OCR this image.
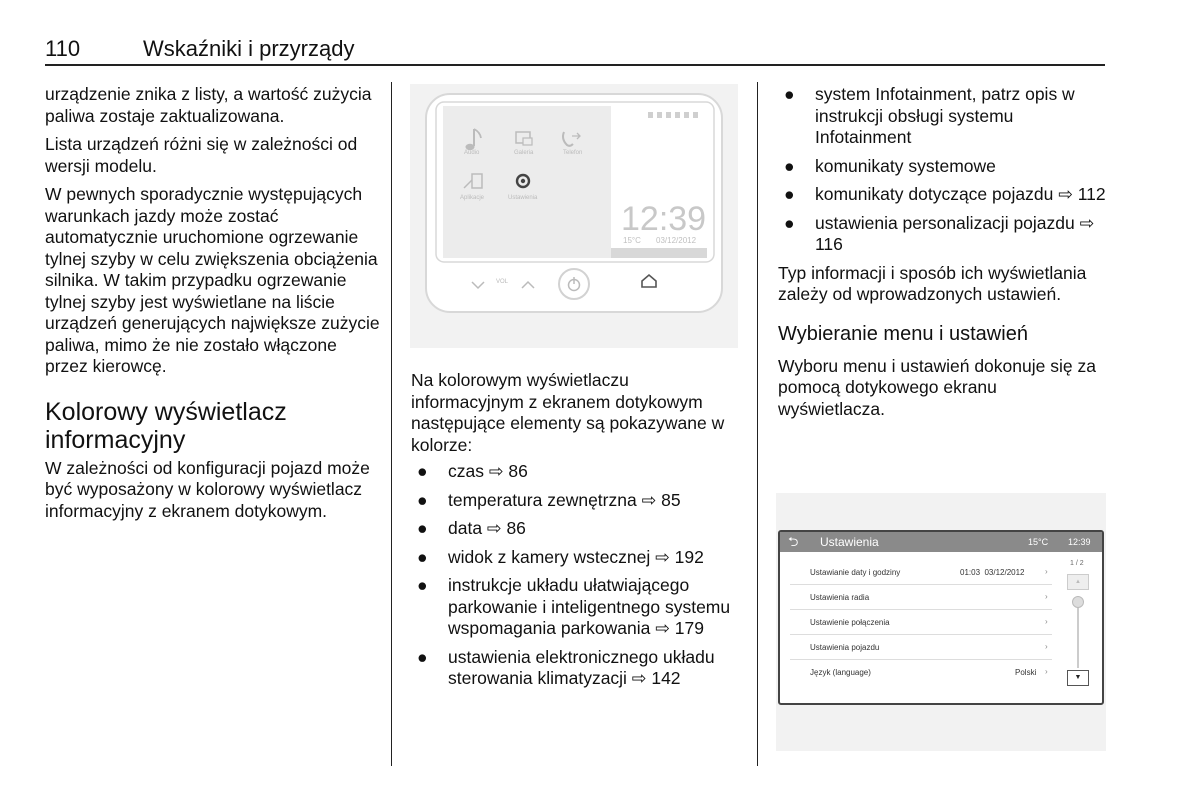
110	Wskaźniki i przyrządy

urządzenie znika z listy, a wartość zużycia paliwa zostaje zaktualizowana.

Lista urządzeń różni się w zależności od wersji modelu.

W pewnych sporadycznie występujących warunkach jazdy może zostać automatycznie uruchomione ogrzewanie tylnej szyby w celu zwiększenia obciążenia silnika. W takim przypadku ogrzewanie tylnej szyby jest wyświetlane na liście urządzeń generujących największe zużycie paliwa, mimo że nie zostało włączone przez kierowcę.

Kolorowy wyświetlacz
informacyjny

W zależności od konfiguracji pojazd może być wyposażony w kolorowy wyświetlacz informacyjny z ekranem dotykowym.

Audio	Galeria	Telefon
Aplikacje	Ustawienia
12:39
15°C 03/12/2012
VOL

Na kolorowym wyświetlaczu informacyjnym z ekranem dotykowym następujące elementy są pokazywane w kolorze:

● czas ⇨ 86
● temperatura zewnętrzna ⇨ 85
● data ⇨ 86
● widok z kamery wstecznej ⇨ 192
● instrukcje układu ułatwiającego parkowanie i inteligentnego systemu wspomagania parkowania ⇨ 179
● ustawienia elektronicznego układu sterowania klimatyzacji ⇨ 142
● system Infotainment, patrz opis w instrukcji obsługi systemu Infotainment
● komunikaty systemowe
● komunikaty dotyczące pojazdu ⇨ 112
● ustawienia personalizacji pojazdu ⇨ 116

Typ informacji i sposób ich wyświetlania zależy od wprowadzonych ustawień.

Wybieranie menu i ustawień

Wyboru menu i ustawień dokonuje się za pomocą dotykowego ekranu wyświetlacza.

⮌ Ustawienia	15°C 12:39
Ustawianie daty i godziny	01:03  03/12/2012	›
Ustawienia radia	›
Ustawienie połączenia	›
Ustawienia pojazdu	›
Język (language)	Polski ›
1 / 2
▲
▼
